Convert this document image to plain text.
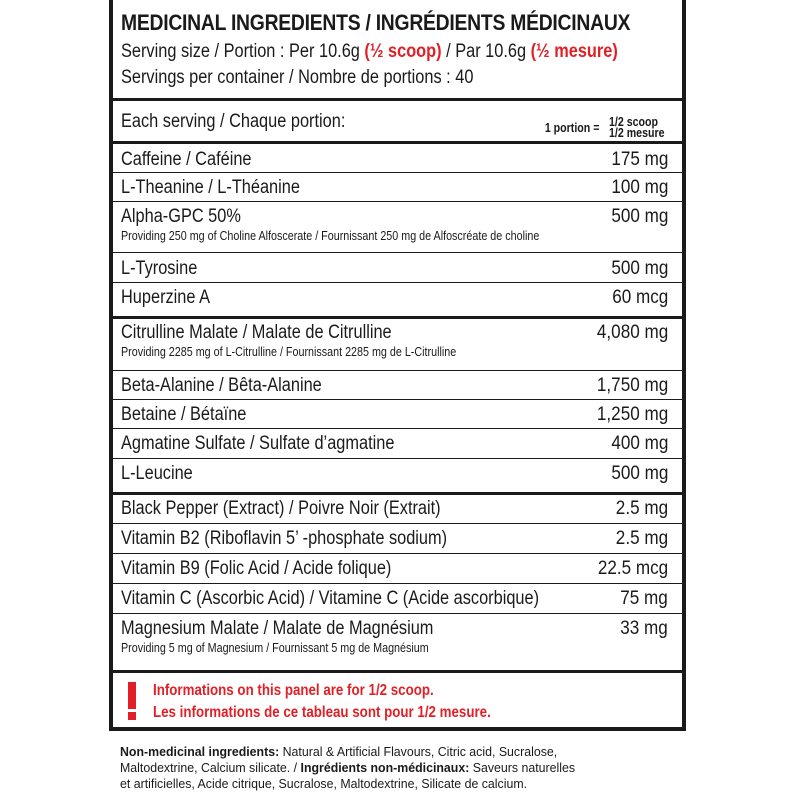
MEDICINAL INGREDIENTS / INGRÉDIENTS MÉDICINAUX
Serving size / Portion : Per 10.6g (½ scoop) / Par 10.6g (½ mesure)
Servings per container / Nombre de portions : 40
Each serving / Chaque portion:	1 portion = 1/2 scoop
1/2 mesure
Caffeine / Caféine	175 mg
L-Theanine / L-Théanine	100 mg
Alpha-GPC 50%	500 mg
Providing 250 mg of Choline Alfoscerate / Fournissant 250 mg de Alfoscréate de choline
L-Tyrosine	500 mg
Huperzine A	60 mcg
Citrulline Malate / Malate de Citrulline	4,080 mg
Providing 2285 mg of L-Citrulline / Fournissant 2285 mg de L-Citrulline
Beta-Alanine / Bêta-Alanine	1,750 mg
Betaine / Bétaïne	1,250 mg
Agmatine Sulfate / Sulfate d’agmatine	400 mg
L-Leucine	500 mg
Black Pepper (Extract) / Poivre Noir (Extrait)	2.5 mg
Vitamin B2 (Riboflavin 5’ -phosphate sodium)	2.5 mg
Vitamin B9 (Folic Acid / Acide folique)	22.5 mcg
Vitamin C (Ascorbic Acid) / Vitamine C (Acide ascorbique)	75 mg
Magnesium Malate / Malate de Magnésium	33 mg
Providing 5 mg of Magnesium / Fournissant 5 mg de Magnésium
Informations on this panel are for 1/2 scoop.
Les informations de ce tableau sont pour 1/2 mesure.
Non-medicinal ingredients: Natural & Artificial Flavours, Citric acid, Sucralose,
Maltodextrine, Calcium silicate. / Ingrédients non-médicinaux: Saveurs naturelles
et artificielles, Acide citrique, Sucralose, Maltodextrine, Silicate de calcium.
